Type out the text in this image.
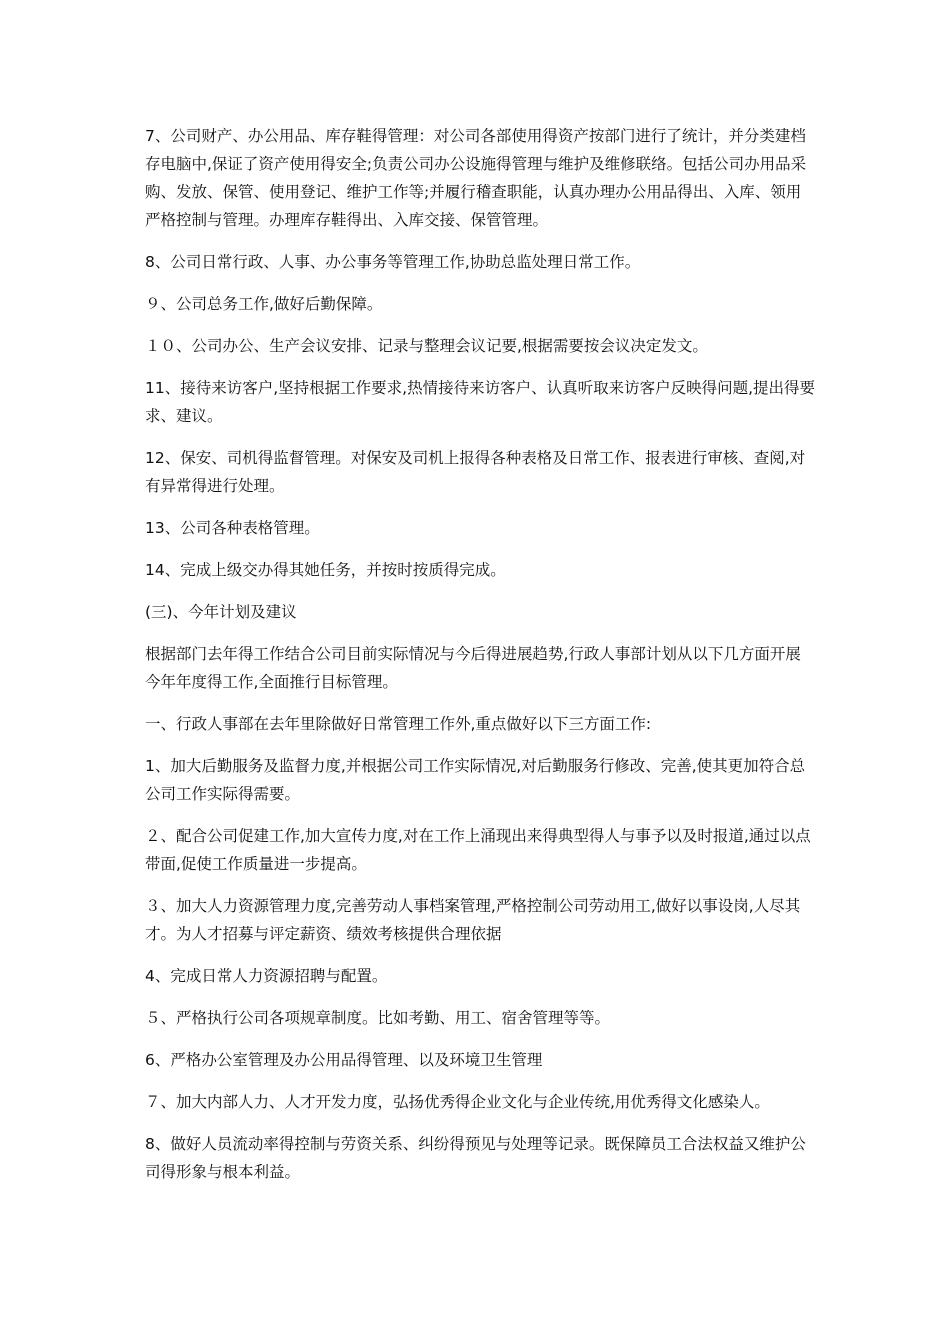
7、公司财产、办公用品、库存鞋得管理：对公司各部使用得资产按部门进行了统计，并分类建档存电脑中,保证了资产使用得安全;负责公司办公设施得管理与维护及维修联络。包括公司办用品采购、发放、保管、使用登记、维护工作等;并履行稽查职能，认真办理办公用品得出、入库、领用严格控制与管理。办理库存鞋得出、入库交接、保管管理。

8、公司日常行政、人事、办公事务等管理工作,协助总监处理日常工作。

９、公司总务工作,做好后勤保障。

１０、公司办公、生产会议安排、记录与整理会议记要,根据需要按会议决定发文。

11、接待来访客户,坚持根据工作要求,热情接待来访客户、认真听取来访客户反映得问题,提出得要求、建议。

12、保安、司机得监督管理。对保安及司机上报得各种表格及日常工作、报表进行审核、查阅,对有异常得进行处理。

13、公司各种表格管理。

14、完成上级交办得其她任务，并按时按质得完成。

(三)、今年计划及建议

根据部门去年得工作结合公司目前实际情况与今后得进展趋势,行政人事部计划从以下几方面开展今年年度得工作,全面推行目标管理。

一、行政人事部在去年里除做好日常管理工作外,重点做好以下三方面工作:

1、加大后勤服务及监督力度,并根据公司工作实际情况,对后勤服务行修改、完善,使其更加符合总公司工作实际得需要。

２、配合公司促建工作,加大宣传力度,对在工作上涌现出来得典型得人与事予以及时报道,通过以点带面,促使工作质量进一步提高。

３、加大人力资源管理力度,完善劳动人事档案管理,严格控制公司劳动用工,做好以事设岗,人尽其才。为人才招募与评定薪资、绩效考核提供合理依据

4、完成日常人力资源招聘与配置。

５、严格执行公司各项规章制度。比如考勤、用工、宿舍管理等等。

6、严格办公室管理及办公用品得管理、以及环境卫生管理

７、加大内部人力、人才开发力度，弘扬优秀得企业文化与企业传统,用优秀得文化感染人。

8、做好人员流动率得控制与劳资关系、纠纷得预见与处理等记录。既保障员工合法权益又维护公司得形象与根本利益。
